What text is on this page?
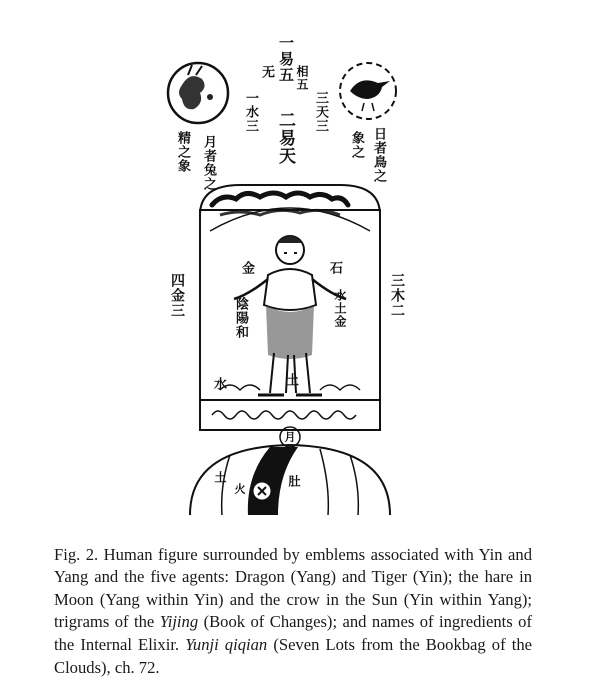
一易五 相五
无
二易天
一水三	三天三
月者兔之
精之象	日者鳥之
象之
四金三	三木二
金	石
陰陽和	水土金
水	土
月
土
火
肚

Fig. 2. Human figure surrounded by emblems associated with Yin and Yang and the five agents: Dragon (Yang) and Tiger (Yin); the hare in Moon (Yang within Yin) and the crow in the Sun (Yin within Yang); trigrams of the Yijing (Book of Changes); and names of ingredients of the Internal Elixir. Yunji qiqian (Seven Lots from the Bookbag of the Clouds), ch. 72.
